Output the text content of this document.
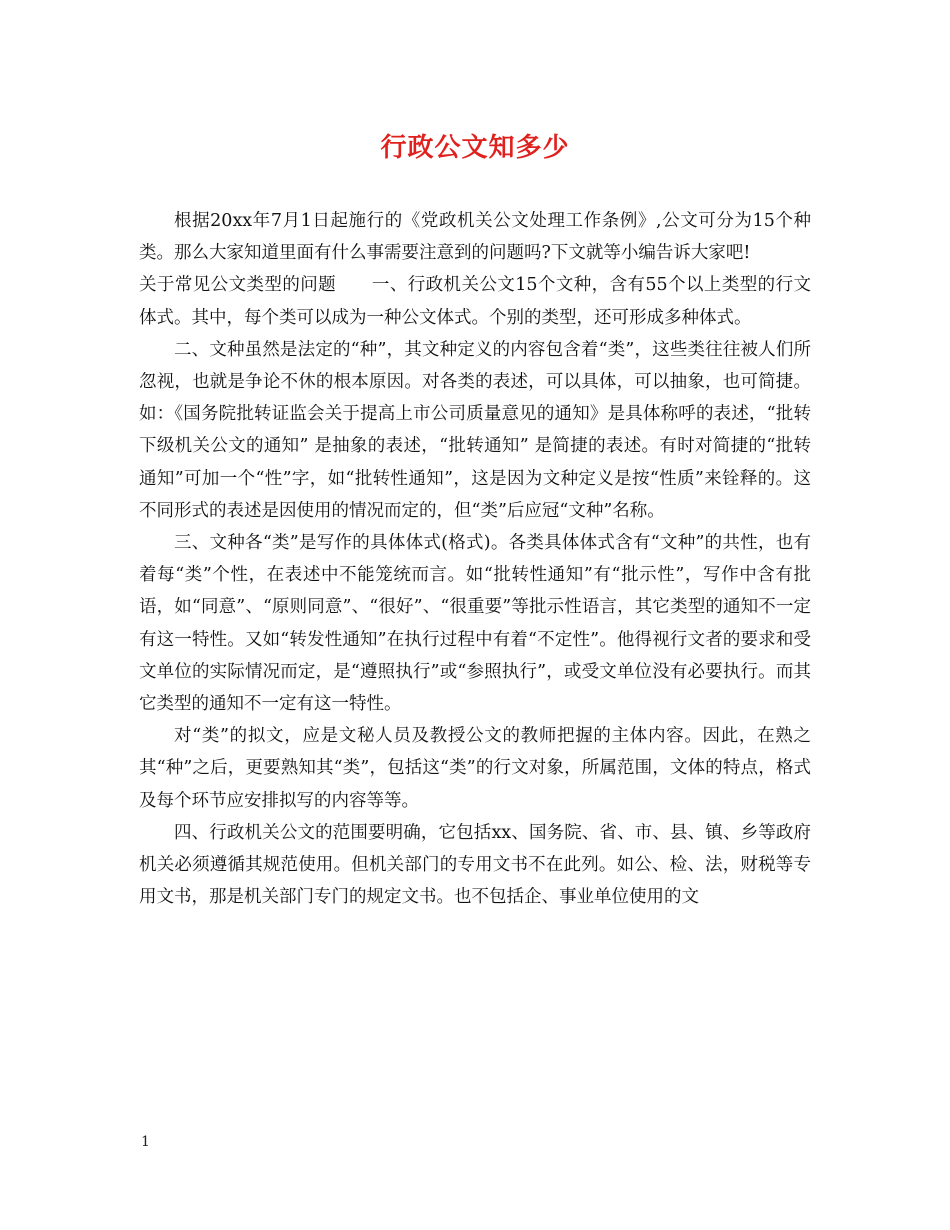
行政公文知多少

根据20xx年7月1日起施行的《党政机关公文处理工作条例》,公文可分为15个种类。那么大家知道里面有什么事需要注意到的问题吗?下文就等小编告诉大家吧!

关于常见公文类型的问题　　一、行政机关公文15个文种，含有55个以上类型的行文体式。其中，每个类可以成为一种公文体式。个别的类型，还可形成多种体式。

二、文种虽然是法定的“种”，其文种定义的内容包含着“类”，这些类往往被人们所忽视，也就是争论不休的根本原因。对各类的表述，可以具体，可以抽象，也可简捷。如：《国务院批转证监会关于提高上市公司质量意见的通知》是具体称呼的表述，“批转下级机关公文的通知” 是抽象的表述，“批转通知” 是简捷的表述。有时对简捷的“批转通知”可加一个“性”字，如“批转性通知”，这是因为文种定义是按“性质”来铨释的。这不同形式的表述是因使用的情况而定的，但“类”后应冠“文种”名称。

三、文种各“类”是写作的具体体式(格式)。各类具体体式含有“文种”的共性，也有着每“类”个性，在表述中不能笼统而言。如“批转性通知”有“批示性”，写作中含有批语，如“同意”、“原则同意”、“很好”、“很重要”等批示性语言，其它类型的通知不一定有这一特性。又如“转发性通知”在执行过程中有着“不定性”。他得视行文者的要求和受文单位的实际情况而定，是“遵照执行”或“参照执行”，或受文单位没有必要执行。而其它类型的通知不一定有这一特性。

对“类”的拟文，应是文秘人员及教授公文的教师把握的主体内容。因此，在熟之其“种”之后，更要熟知其“类”，包括这“类”的行文对象，所属范围，文体的特点，格式及每个环节应安排拟写的内容等等。

四、行政机关公文的范围要明确，它包括xx、国务院、省、市、县、镇、乡等政府机关必须遵循其规范使用。但机关部门的专用文书不在此列。如公、检、法，财税等专用文书，那是机关部门专门的规定文书。也不包括企、事业单位使用的文

1
